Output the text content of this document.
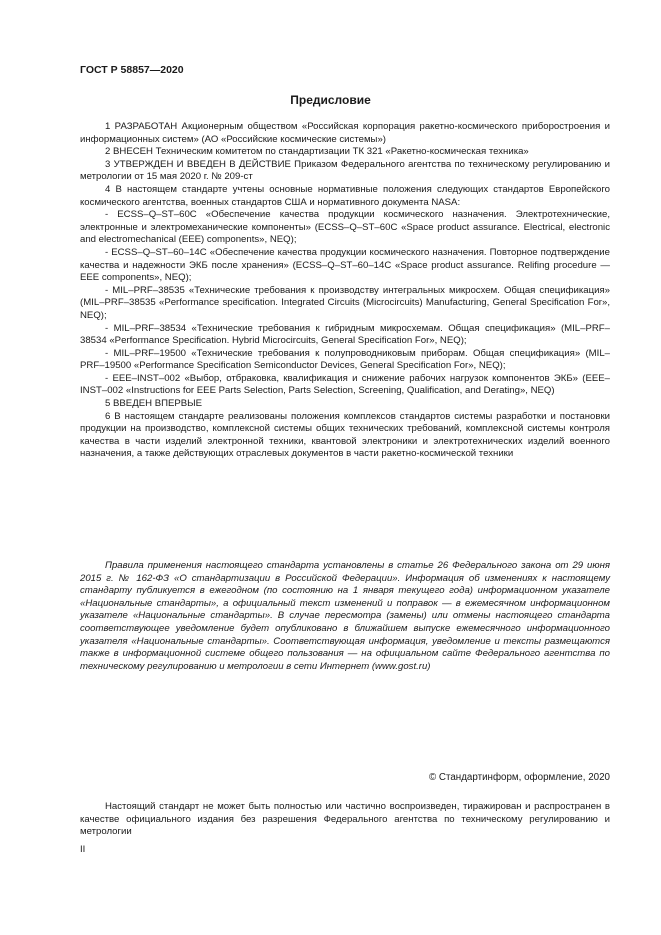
ГОСТ Р 58857—2020
Предисловие

1 РАЗРАБОТАН Акционерным обществом «Российская корпорация ракетно-космического приборостроения и информационных систем» (АО «Российские космические системы»)

2 ВНЕСЕН Техническим комитетом по стандартизации ТК 321 «Ракетно-космическая техника»

3 УТВЕРЖДЕН И ВВЕДЕН В ДЕЙСТВИЕ Приказом Федерального агентства по техническому регулированию и метрологии от 15 мая 2020 г. № 209-ст

4 В настоящем стандарте учтены основные нормативные положения следующих стандартов Европейского космического агентства, военных стандартов США и нормативного документа NASA:

- ECSS–Q–ST–60C «Обеспечение качества продукции космического назначения. Электротехнические, электронные и электромеханические компоненты» (ECSS–Q–ST–60C «Space product assurance. Electrical, electronic and electromechanical (EEE) components», NEQ);

- ECSS–Q–ST–60–14C «Обеспечение качества продукции космического назначения. Повторное подтверждение качества и надежности ЭКБ после хранения» (ECSS–Q–ST–60–14C «Space product assurance. Relifing procedure — EEE components», NEQ);

- MIL–PRF–38535 «Технические требования к производству интегральных микросхем. Общая спецификация» (MIL–PRF–38535 «Performance specification. Integrated Circuits (Microcircuits) Manufacturing, General Specification For», NEQ);

- MIL–PRF–38534 «Технические требования к гибридным микросхемам. Общая спецификация» (MIL–PRF–38534 «Performance Specification. Hybrid Microcircuits, General Specification For», NEQ);

- MIL–PRF–19500 «Технические требования к полупроводниковым приборам. Общая спецификация» (MIL–PRF–19500 «Performance Specification Semiconductor Devices, General Specification For», NEQ);

- EEE–INST–002 «Выбор, отбраковка, квалификация и снижение рабочих нагрузок компонентов ЭКБ» (EEE–INST–002 «Instructions for EEE Parts Selection, Parts Selection, Screening, Qualification, and Derating», NEQ)

5 ВВЕДЕН ВПЕРВЫЕ

6 В настоящем стандарте реализованы положения комплексов стандартов системы разработки и постановки продукции на производство, комплексной системы общих технических требований, комплексной системы контроля качества в части изделий электронной техники, квантовой электроники и электротехнических изделий военного назначения, а также действующих отраслевых документов в части ракетно-космической техники

Правила применения настоящего стандарта установлены в статье 26 Федерального закона от 29 июня 2015 г. № 162-ФЗ «О стандартизации в Российской Федерации». Информация об изменениях к настоящему стандарту публикуется в ежегодном (по состоянию на 1 января текущего года) информационном указателе «Национальные стандарты», а официальный текст изменений и поправок — в ежемесячном информационном указателе «Национальные стандарты». В случае пересмотра (замены) или отмены настоящего стандарта соответствующее уведомление будет опубликовано в ближайшем выпуске ежемесячного информационного указателя «Национальные стандарты». Соответствующая информация, уведомление и тексты размещаются также в информационной системе общего пользования — на официальном сайте Федерального агентства по техническому регулированию и метрологии в сети Интернет (www.gost.ru)

© Стандартинформ, оформление, 2020

Настоящий стандарт не может быть полностью или частично воспроизведен, тиражирован и распространен в качестве официального издания без разрешения Федерального агентства по техническому регулированию и метрологии

II
